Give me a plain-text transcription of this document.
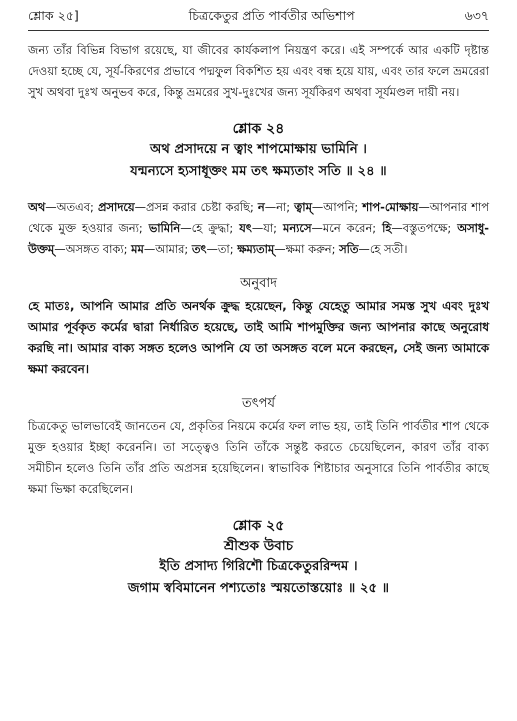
শ্লোক ২৫]	চিত্রকেতুর প্রতি পার্বতীর অভিশাপ	৬৩৭

জন্য তাঁর বিভিন্ন বিভাগ রয়েছে, যা জীবের কার্যকলাপ নিয়ন্ত্রণ করে। এই সম্পর্কে আর একটি দৃষ্টান্ত দেওয়া হচ্ছে যে, সূর্য-কিরণের প্রভাবে পদ্মফুল বিকশিত হয় এবং বন্ধ হয়ে যায়, এবং তার ফলে ভ্রমরেরা সুখ অথবা দুঃখ অনুভব করে, কিন্তু ভ্রমরের সুখ-দুঃখের জন্য সূর্যকিরণ অথবা সূর্যমণ্ডল দায়ী নয়।

শ্লোক ২৪
অথ প্রসাদয়ে ন ত্বাং শাপমোক্ষায় ভামিনি ।
যন্মন্যসে হ্যসাধূক্তং মম তৎ ক্ষম্যতাং সতি ॥ ২৪ ॥
অথ—অতএব; প্রসাদয়ে—প্রসন্ন করার চেষ্টা করছি; ন—না; ত্বাম্—আপনি; শাপ-মোক্ষায়—আপনার শাপ থেকে মুক্ত হওয়ার জন্য; ভামিনি—হে ক্রুদ্ধা; যৎ—যা; মন্যসে—মনে করেন; হি—বস্তুতপক্ষে; অসাধু-উক্তম্—অসঙ্গত বাক্য; মম—আমার; তৎ—তা; ক্ষম্যতাম্—ক্ষমা করুন; সতি—হে সতী।
অনুবাদ

হে মাতঃ, আপনি আমার প্রতি অনর্থক ক্রুদ্ধ হয়েছেন, কিন্তু যেহেতু আমার সমস্ত সুখ এবং দুঃখ আমার পূর্বকৃত কর্মের দ্বারা নির্ধারিত হয়েছে, তাই আমি শাপমুক্তির জন্য আপনার কাছে অনুরোধ করছি না। আমার বাক্য সঙ্গত হলেও আপনি যে তা অসঙ্গত বলে মনে করছেন, সেই জন্য আমাকে ক্ষমা করবেন।

তৎপর্য

চিত্রকেতু ভালভাবেই জানতেন যে, প্রকৃতির নিয়মে কর্মের ফল লাভ হয়, তাই তিনি পার্বতীর শাপ থেকে মুক্ত হওয়ার ইচ্ছা করেননি। তা সত্ত্বেও তিনি তাঁকে সন্তুষ্ট করতে চেয়েছিলেন, কারণ তাঁর বাক্য সমীচীন হলেও তিনি তাঁর প্রতি অপ্রসন্ন হয়েছিলেন। স্বাভাবিক শিষ্টাচার অনুসারে তিনি পার্বতীর কাছে ক্ষমা ভিক্ষা করেছিলেন।

শ্লোক ২৫
শ্রীশুক উবাচ
ইতি প্রসাদ্য গিরিশৌ চিত্রকেতুররিন্দম ।
জগাম স্ববিমানেন পশ্যতোঃ স্ময়তোস্তয়োঃ ॥ ২৫ ॥
